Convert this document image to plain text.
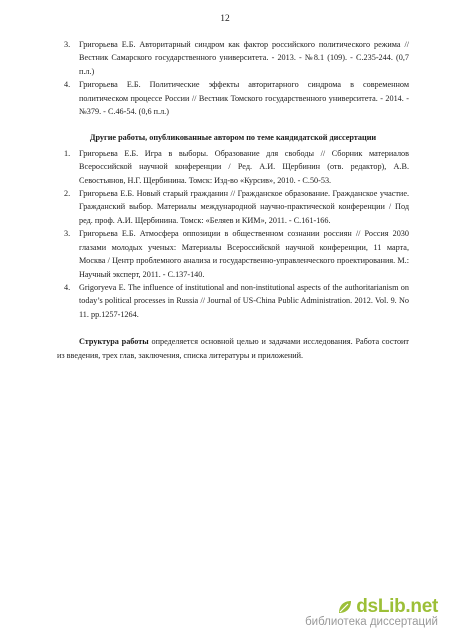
12
3. Григорьева Е.Б. Авторитарный синдром как фактор российского политического режима // Вестник Самарского государственного университета. - 2013. - №8.1 (109). - С.235-244. (0,7 п.л.)
4. Григорьева Е.Б. Политические эффекты авторитарного синдрома в современном политическом процессе России // Вестник Томского государственного университета. - 2014. - №379. - С.46-54. (0,6 п.л.)
Другие работы, опубликованные автором по теме кандидатской диссертации
1. Григорьева Е.Б. Игра в выборы. Образование для свободы // Сборник материалов Всероссийской научной конференции / Ред. А.И. Щербинин (отв. редактор), А.В. Севостьянов, Н.Г. Щербинина. Томск: Изд-во «Курсив», 2010. - С.50-53.
2. Григорьева Е.Б. Новый старый гражданин // Гражданское образование. Гражданское участие. Гражданский выбор. Материалы международной научно-практической конференции / Под ред. проф. А.И. Щербинина. Томск: «Беляев и КИМ», 2011. - С.161-166.
3. Григорьева Е.Б. Атмосфера оппозиции в общественном сознании россиян // Россия 2030 глазами молодых ученых: Материалы Всероссийской научной конференции, 11 марта, Москва / Центр проблемного анализа и государственно-управленческого проектирования. М.: Научный эксперт, 2011. - С.137-140.
4. Grigoryeva E. The influence of institutional and non-institutional aspects of the authoritarianism on today’s political processes in Russia // Journal of US-China Public Administration. 2012. Vol. 9. No 11. pp.1257-1264.
Структура работы определяется основной целью и задачами исследования. Работа состоит из введения, трех глав, заключения, списка литературы и приложений.
dsLib.net
библиотека диссертаций
